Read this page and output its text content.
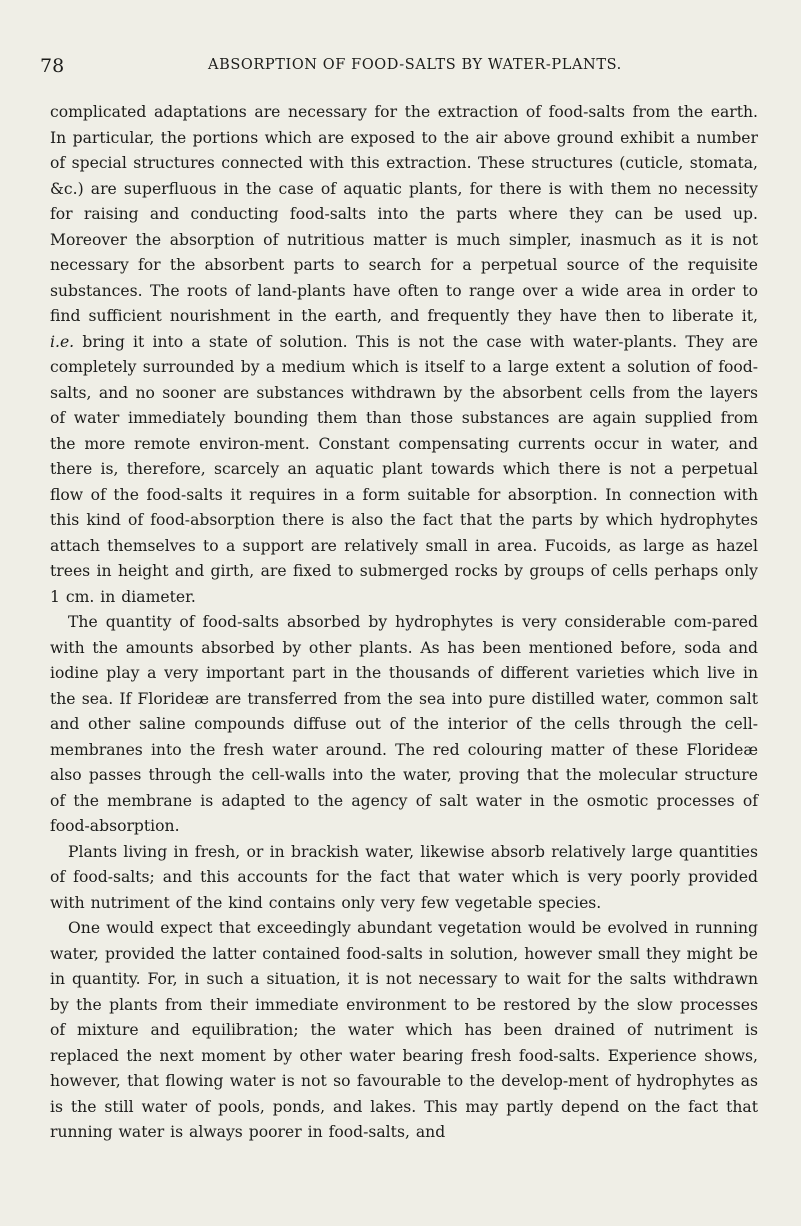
78	ABSORPTION OF FOOD-SALTS BY WATER-PLANTS.

complicated adaptations are necessary for the extraction of food-salts from the earth. In particular, the portions which are exposed to the air above ground exhibit a number of special structures connected with this extraction. These structures (cuticle, stomata, &c.) are superfluous in the case of aquatic plants, for there is with them no necessity for raising and conducting food-salts into the parts where they can be used up. Moreover the absorption of nutritious matter is much simpler, inasmuch as it is not necessary for the absorbent parts to search for a perpetual source of the requisite substances. The roots of land-plants have often to range over a wide area in order to find sufficient nourishment in the earth, and frequently they have then to liberate it, i.e. bring it into a state of solution. This is not the case with water-plants. They are completely surrounded by a medium which is itself to a large extent a solution of food-salts, and no sooner are substances withdrawn by the absorbent cells from the layers of water immediately bounding them than those substances are again supplied from the more remote environ-ment. Constant compensating currents occur in water, and there is, therefore, scarcely an aquatic plant towards which there is not a perpetual flow of the food-salts it requires in a form suitable for absorption. In connection with this kind of food-absorption there is also the fact that the parts by which hydrophytes attach themselves to a support are relatively small in area. Fucoids, as large as hazel trees in height and girth, are fixed to submerged rocks by groups of cells perhaps only 1 cm. in diameter.

The quantity of food-salts absorbed by hydrophytes is very considerable com-pared with the amounts absorbed by other plants. As has been mentioned before, soda and iodine play a very important part in the thousands of different varieties which live in the sea. If Florideæ are transferred from the sea into pure distilled water, common salt and other saline compounds diffuse out of the interior of the cells through the cell-membranes into the fresh water around. The red colouring matter of these Florideæ also passes through the cell-walls into the water, proving that the molecular structure of the membrane is adapted to the agency of salt water in the osmotic processes of food-absorption.

Plants living in fresh, or in brackish water, likewise absorb relatively large quantities of food-salts; and this accounts for the fact that water which is very poorly provided with nutriment of the kind contains only very few vegetable species.

One would expect that exceedingly abundant vegetation would be evolved in running water, provided the latter contained food-salts in solution, however small they might be in quantity. For, in such a situation, it is not necessary to wait for the salts withdrawn by the plants from their immediate environment to be restored by the slow processes of mixture and equilibration; the water which has been drained of nutriment is replaced the next moment by other water bearing fresh food-salts. Experience shows, however, that flowing water is not so favourable to the develop-ment of hydrophytes as is the still water of pools, ponds, and lakes. This may partly depend on the fact that running water is always poorer in food-salts, and
